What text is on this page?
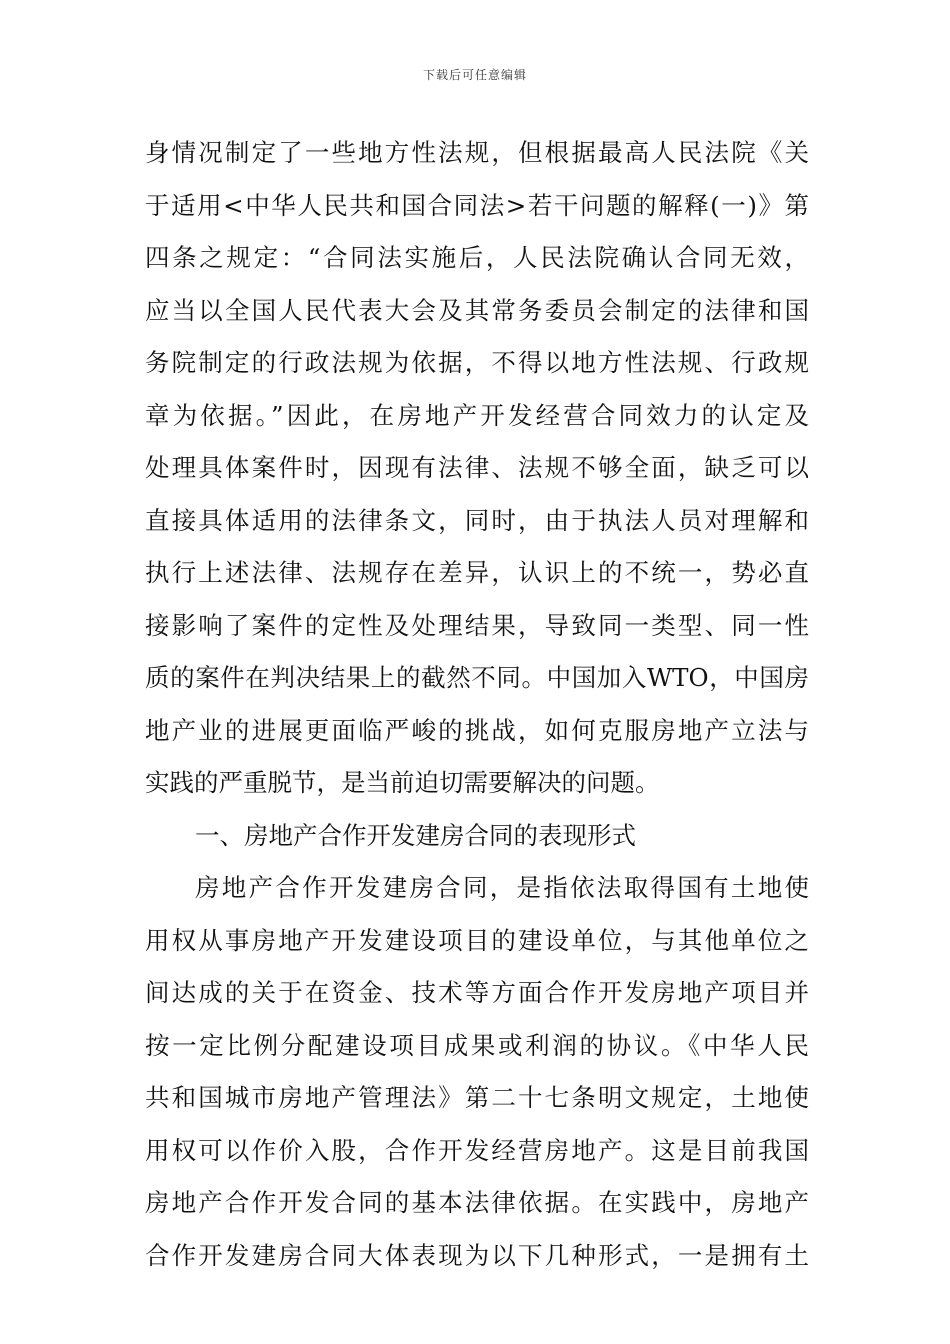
下载后可任意编辑
身情况制定了一些地方性法规，但根据最高人民法院《关
于适用<中华人民共和国合同法>若干问题的解释(一)》第
四条之规定：“合同法实施后，人民法院确认合同无效，
应当以全国人民代表大会及其常务委员会制定的法律和国
务院制定的行政法规为依据，不得以地方性法规、行政规
章为依据。”因此，在房地产开发经营合同效力的认定及
处理具体案件时，因现有法律、法规不够全面，缺乏可以
直接具体适用的法律条文，同时，由于执法人员对理解和
执行上述法律、法规存在差异，认识上的不统一，势必直
接影响了案件的定性及处理结果，导致同一类型、同一性
质的案件在判决结果上的截然不同。中国加入WTO，中国房
地产业的进展更面临严峻的挑战，如何克服房地产立法与
实践的严重脱节，是当前迫切需要解决的问题。
一、房地产合作开发建房合同的表现形式
房地产合作开发建房合同，是指依法取得国有土地使
用权从事房地产开发建设项目的建设单位，与其他单位之
间达成的关于在资金、技术等方面合作开发房地产项目并
按一定比例分配建设项目成果或利润的协议。《中华人民
共和国城市房地产管理法》第二十七条明文规定，土地使
用权可以作价入股，合作开发经营房地产。这是目前我国
房地产合作开发合同的基本法律依据。在实践中，房地产
合作开发建房合同大体表现为以下几种形式，一是拥有土
